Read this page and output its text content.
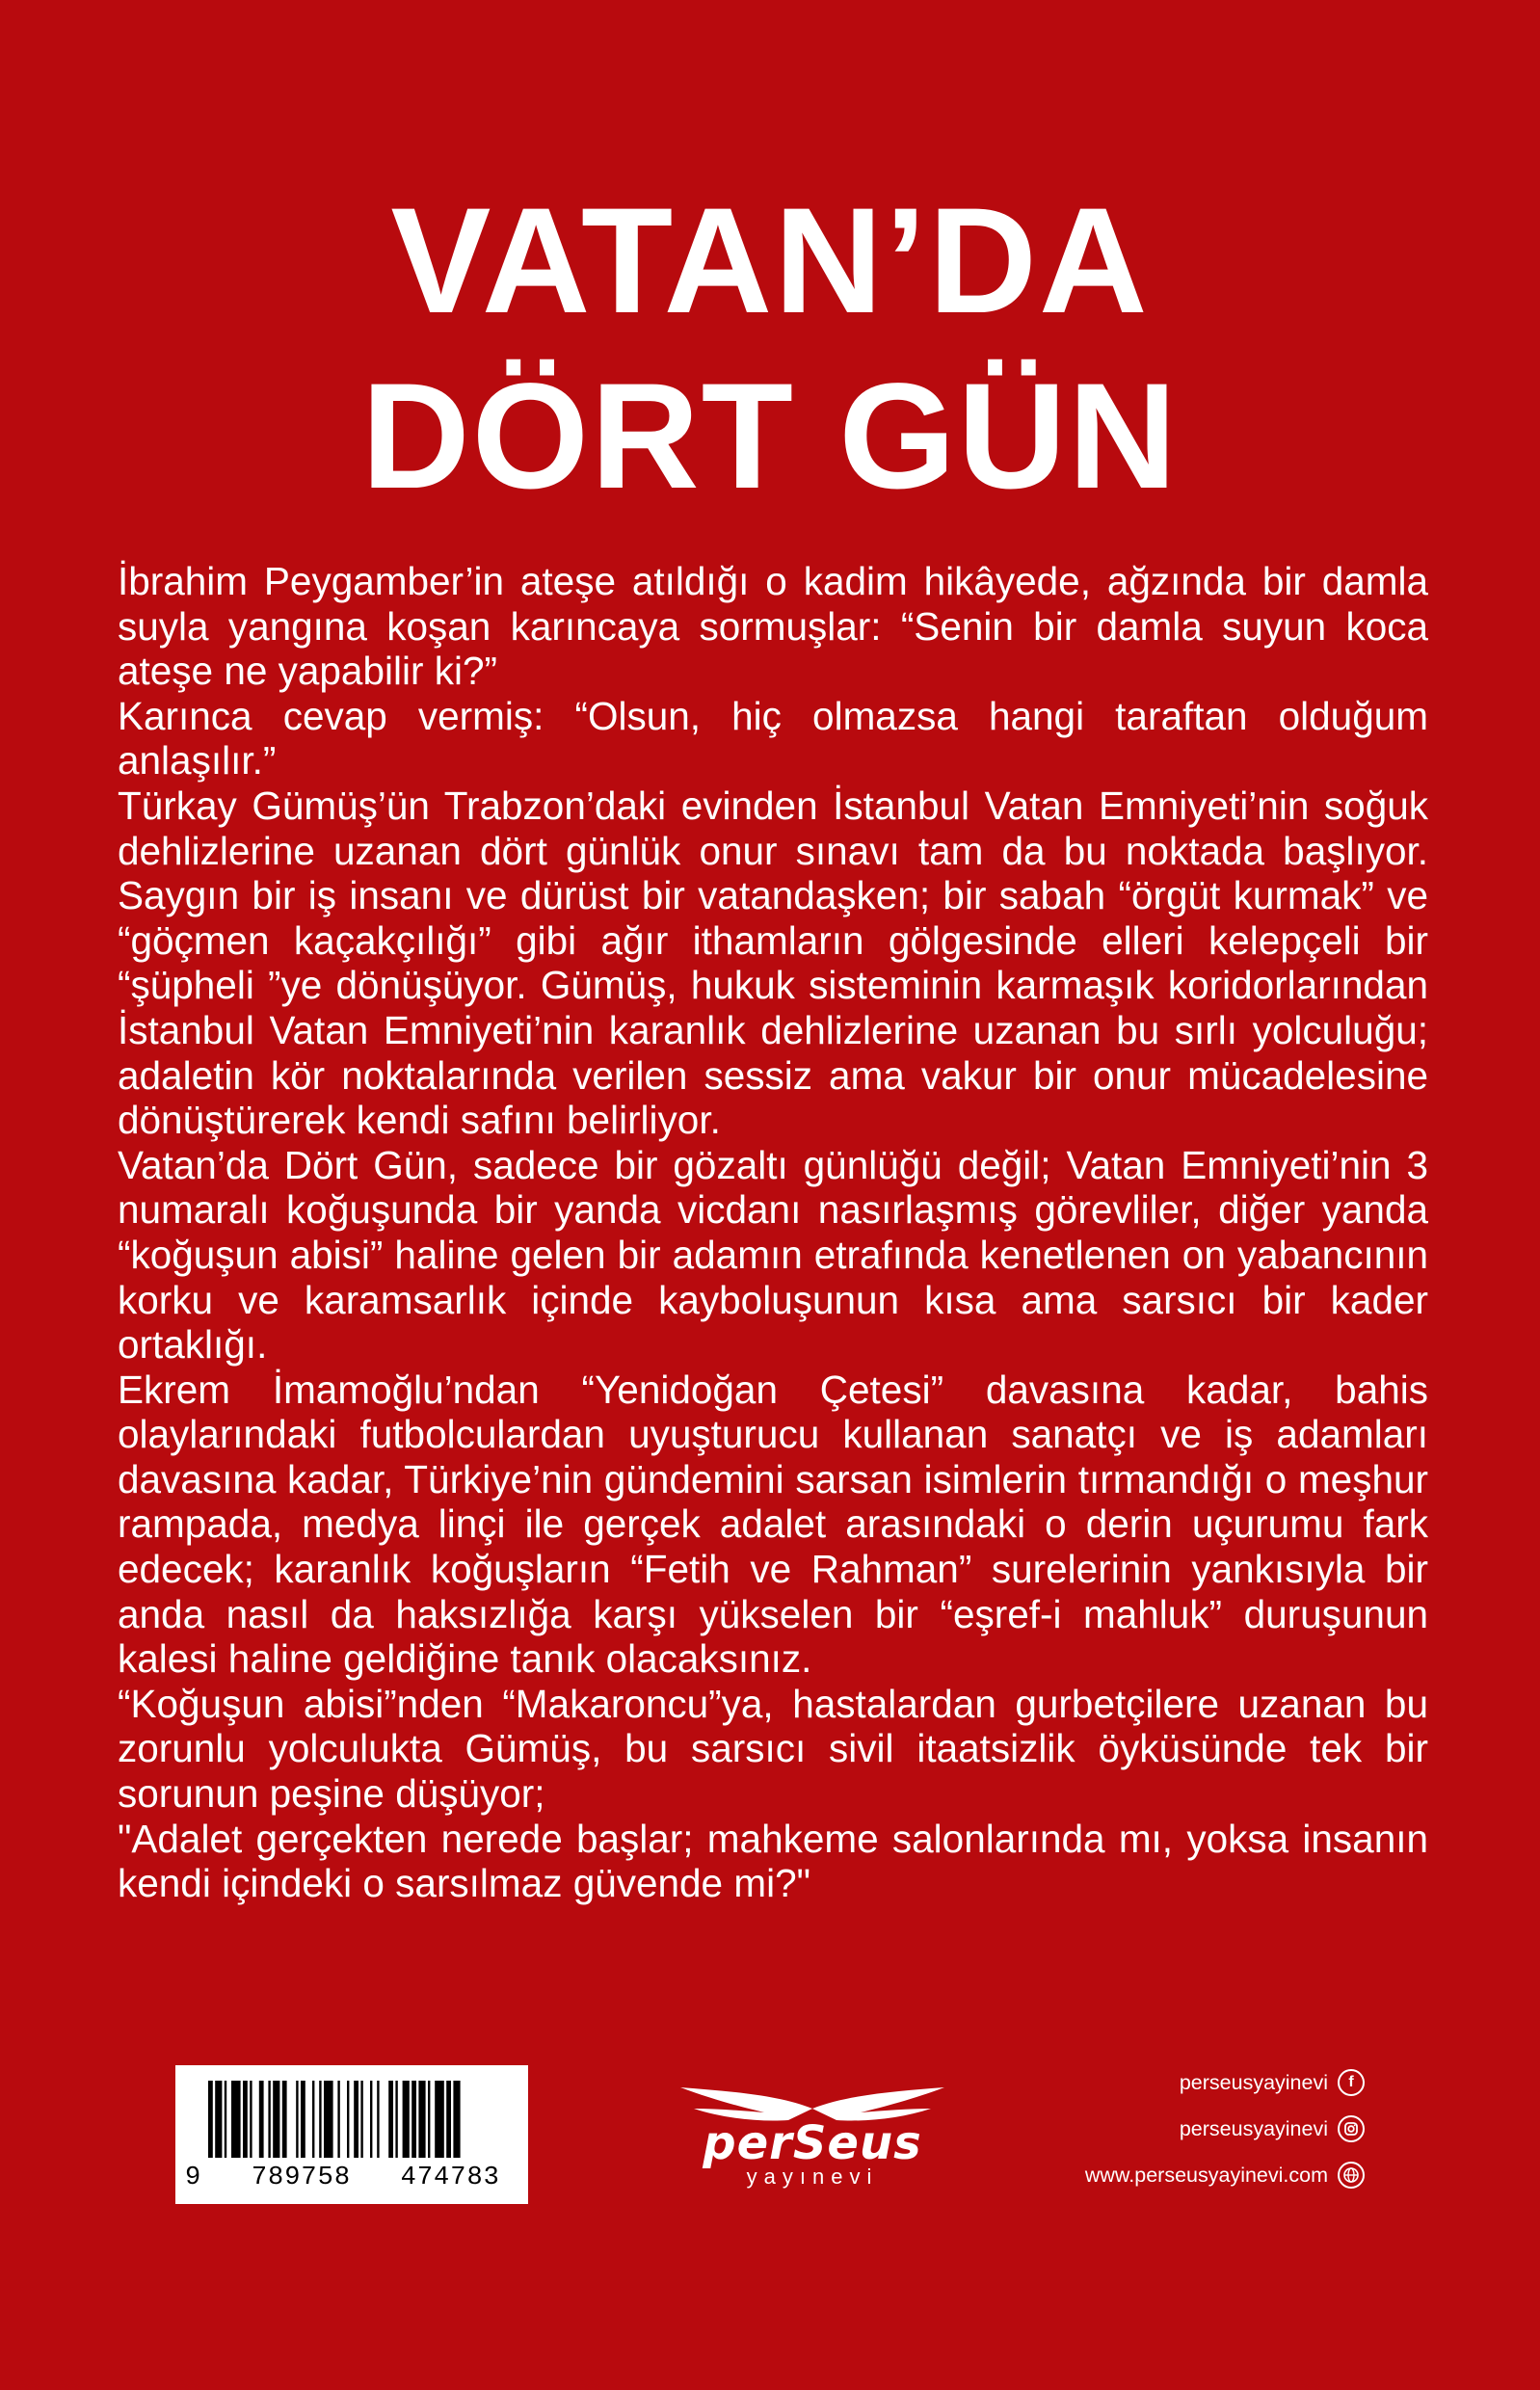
VATAN’DA
DÖRT GÜN

İbrahim Peygamber’in ateşe atıldığı o kadim hikâyede, ağzında bir damla suyla yangına koşan karıncaya sormuşlar: “Senin bir damla suyun koca ateşe ne yapabilir ki?”

Karınca cevap vermiş: “Olsun, hiç olmazsa hangi taraftan olduğum anlaşılır.”

Türkay Gümüş’ün Trabzon’daki evinden İstanbul Vatan Emniyeti’nin soğuk dehlizlerine uzanan dört günlük onur sınavı tam da bu noktada başlıyor. Saygın bir iş insanı ve dürüst bir vatandaşken; bir sabah “örgüt kurmak” ve “göçmen kaçakçılığı” gibi ağır ithamların gölgesinde elleri kelepçeli bir “şüpheli ”ye dönüşüyor. Gümüş, hukuk sisteminin karmaşık koridorlarından İstanbul Vatan Emniyeti’nin karanlık dehlizlerine uzanan bu sırlı yolculuğu; adaletin kör noktalarında verilen sessiz ama vakur bir onur mücadelesine dönüştürerek kendi safını belirliyor.

Vatan’da Dört Gün, sadece bir gözaltı günlüğü değil; Vatan Emniyeti’nin 3 numaralı koğuşunda bir yanda vicdanı nasırlaşmış görevliler, diğer yanda “koğuşun abisi” haline gelen bir adamın etrafında kenetlenen on yabancının korku ve karamsarlık içinde kayboluşunun kısa ama sarsıcı bir kader ortaklığı.

Ekrem İmamoğlu’ndan “Yenidoğan Çetesi” davasına kadar, bahis olaylarındaki futbolculardan uyuşturucu kullanan sanatçı ve iş adamları davasına kadar, Türkiye’nin gündemini sarsan isimlerin tırmandığı o meşhur rampada, medya linçi ile gerçek adalet arasındaki o derin uçurumu fark edecek; karanlık koğuşların “Fetih ve Rahman” surelerinin yankısıyla bir anda nasıl da haksızlığa karşı yükselen bir “eşref-i mahluk” duruşunun kalesi haline geldiğine tanık olacaksınız.

“Koğuşun abisi”nden “Makaroncu”ya, hastalardan gurbetçilere uzanan bu zorunlu yolculukta Gümüş, bu sarsıcı sivil itaatsizlik öyküsünde tek bir sorunun peşine düşüyor;

"Adalet gerçekten nerede başlar; mahkeme salonlarında mı, yoksa insanın kendi içindeki o sarsılmaz güvende mi?"

9 789758 474783
perSeus
yayınevi
perseusyayinevi f
perseusyayinevi
www.perseusyayinevi.com
